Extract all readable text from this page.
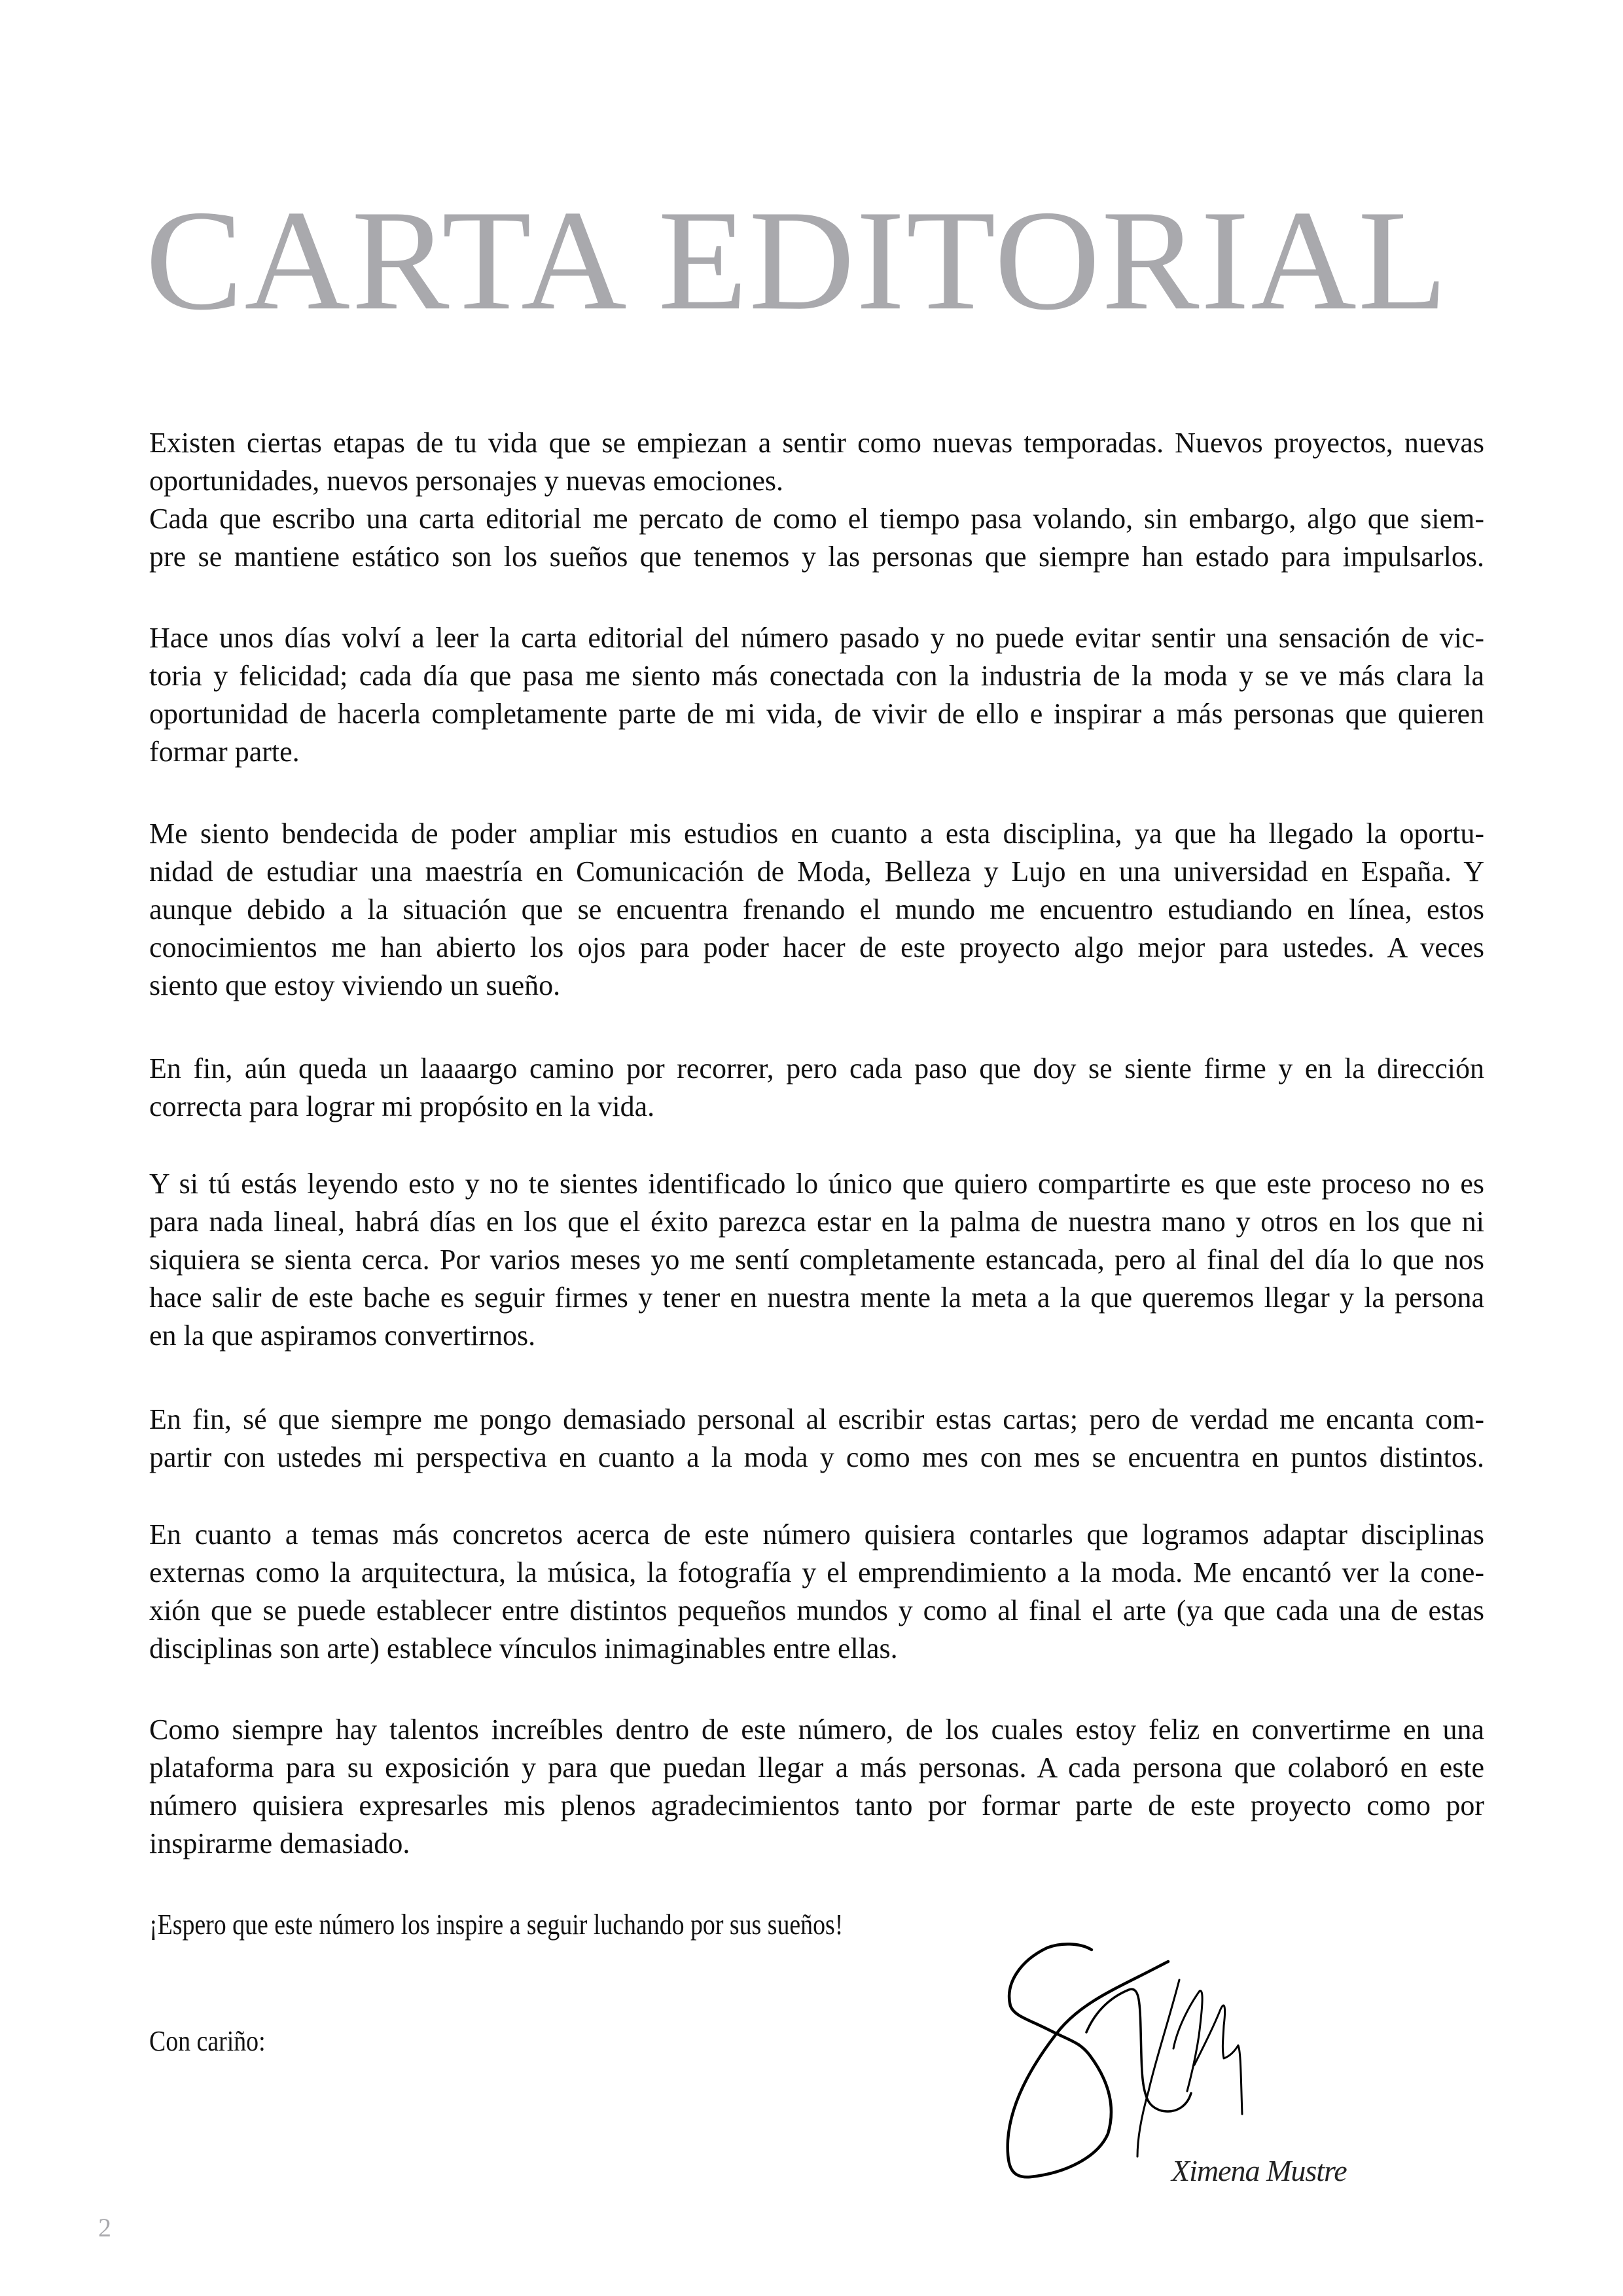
CARTA EDITORIAL

Existen ciertas etapas de tu vida que se empiezan a sentir como nuevas temporadas. Nuevos proyectos, nuevas
oportunidades, nuevos personajes y nuevas emociones.
Cada que escribo una carta editorial me percato de como el tiempo pasa volando, sin embargo, algo que siem-
pre se mantiene estático son los sueños que tenemos y las personas que siempre han estado para impulsarlos.

Hace unos días volví a leer la carta editorial del número pasado y no puede evitar sentir una sensación de vic-
toria y felicidad; cada día que pasa me siento más conectada con la industria de la moda y se ve más clara la
oportunidad de hacerla completamente parte de mi vida, de vivir de ello e inspirar a más personas que quieren
formar parte.

Me siento bendecida de poder ampliar mis estudios en cuanto a esta disciplina, ya que ha llegado la oportu-
nidad de estudiar una maestría en Comunicación de Moda, Belleza y Lujo en una universidad en España. Y
aunque debido a la situación que se encuentra frenando el mundo me encuentro estudiando en línea, estos
conocimientos me han abierto los ojos para poder hacer de este proyecto algo mejor para ustedes. A veces
siento que estoy viviendo un sueño.

En fin, aún queda un laaaargo camino por recorrer, pero cada paso que doy se siente firme y en la dirección
correcta para lograr mi propósito en la vida.

Y si tú estás leyendo esto y no te sientes identificado lo único que quiero compartirte es que este proceso no es
para nada lineal, habrá días en los que el éxito parezca estar en la palma de nuestra mano y otros en los que ni
siquiera se sienta cerca. Por varios meses yo me sentí completamente estancada, pero al final del día lo que nos
hace salir de este bache es seguir firmes y tener en nuestra mente la meta a la que queremos llegar y la persona
en la que aspiramos convertirnos.

En fin, sé que siempre me pongo demasiado personal al escribir estas cartas; pero de verdad me encanta com-
partir con ustedes mi perspectiva en cuanto a la moda y como mes con mes se encuentra en puntos distintos.

En cuanto a temas más concretos acerca de este número quisiera contarles que logramos adaptar disciplinas
externas como la arquitectura, la música, la fotografía y el emprendimiento a la moda. Me encantó ver la cone-
xión que se puede establecer entre distintos pequeños mundos y como al final el arte (ya que cada una de estas
disciplinas son arte) establece vínculos inimaginables entre ellas.

Como siempre hay talentos increíbles dentro de este número, de los cuales estoy feliz en convertirme en una
plataforma para su exposición y para que puedan llegar a más personas. A cada persona que colaboró en este
número quisiera expresarles mis plenos agradecimientos tanto por formar parte de este proyecto como por
inspirarme demasiado.

¡Espero que este número los inspire a seguir luchando por sus sueños!
Con cariño:
Ximena Mustre
2
